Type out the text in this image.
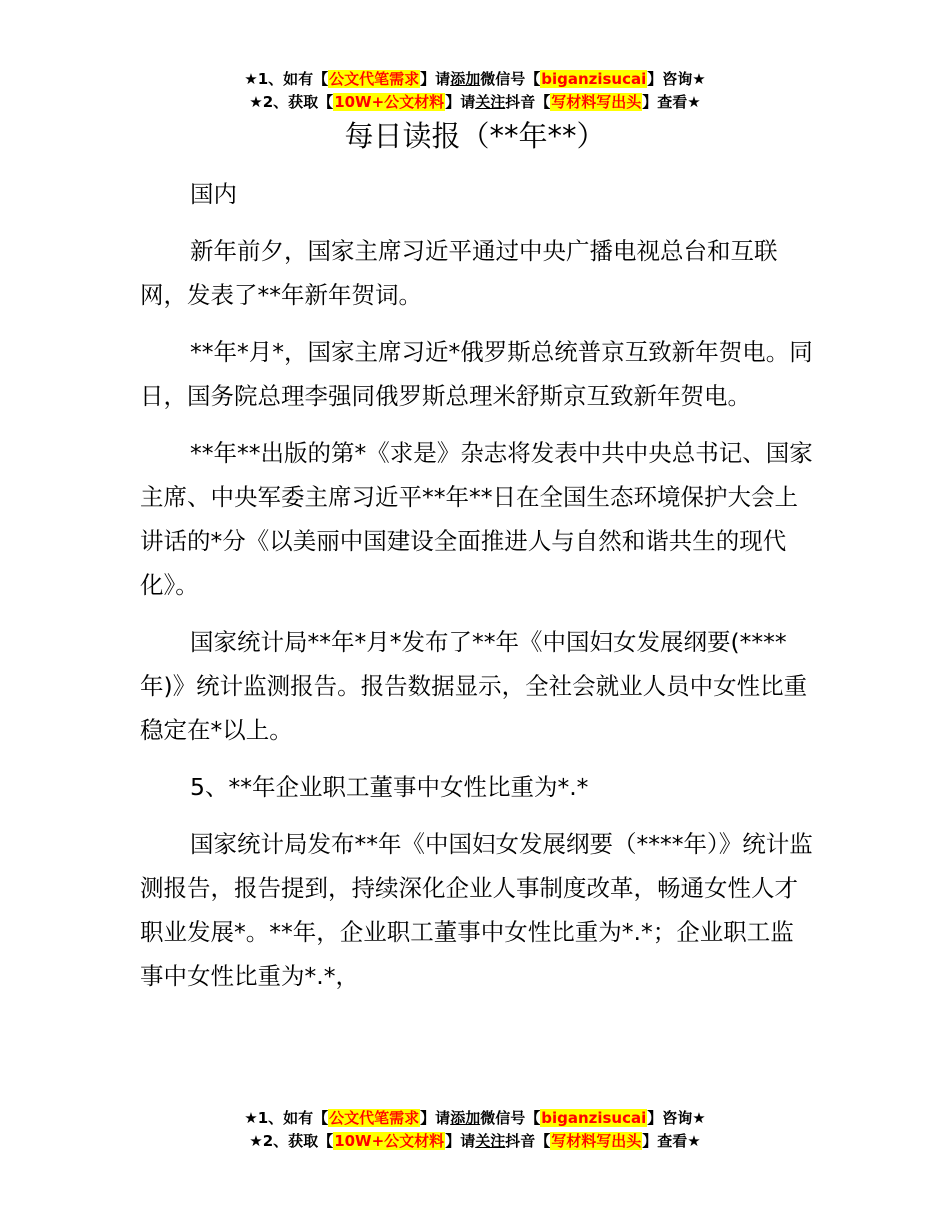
★1、如有【公文代笔需求】请添加微信号【biganzisucai】咨询★
★2、获取【10W+公文材料】请关注抖音【写材料写出头】查看★
每日读报（**年**）

国内

新年前夕，国家主席习近平通过中央广播电视总台和互联网，发表了**年新年贺词。

**年*月*，国家主席习近*俄罗斯总统普京互致新年贺电。同日，国务院总理李强同俄罗斯总理米舒斯京互致新年贺电。

**年**出版的第*《求是》杂志将发表中共中央总书记、国家主席、中央军委主席习近平**年**日在全国生态环境保护大会上讲话的*分《以美丽中国建设全面推进人与自然和谐共生的现代化》。

国家统计局**年*月*发布了**年《中国妇女发展纲要(****年)》统计监测报告。报告数据显示，全社会就业人员中女性比重稳定在*以上。

5、**年企业职工董事中女性比重为*.*

国家统计局发布**年《中国妇女发展纲要（****年）》统计监测报告，报告提到，持续深化企业人事制度改革，畅通女性人才职业发展*。**年，企业职工董事中女性比重为*.*；企业职工监事中女性比重为*.*，

★1、如有【公文代笔需求】请添加微信号【biganzisucai】咨询★
★2、获取【10W+公文材料】请关注抖音【写材料写出头】查看★
